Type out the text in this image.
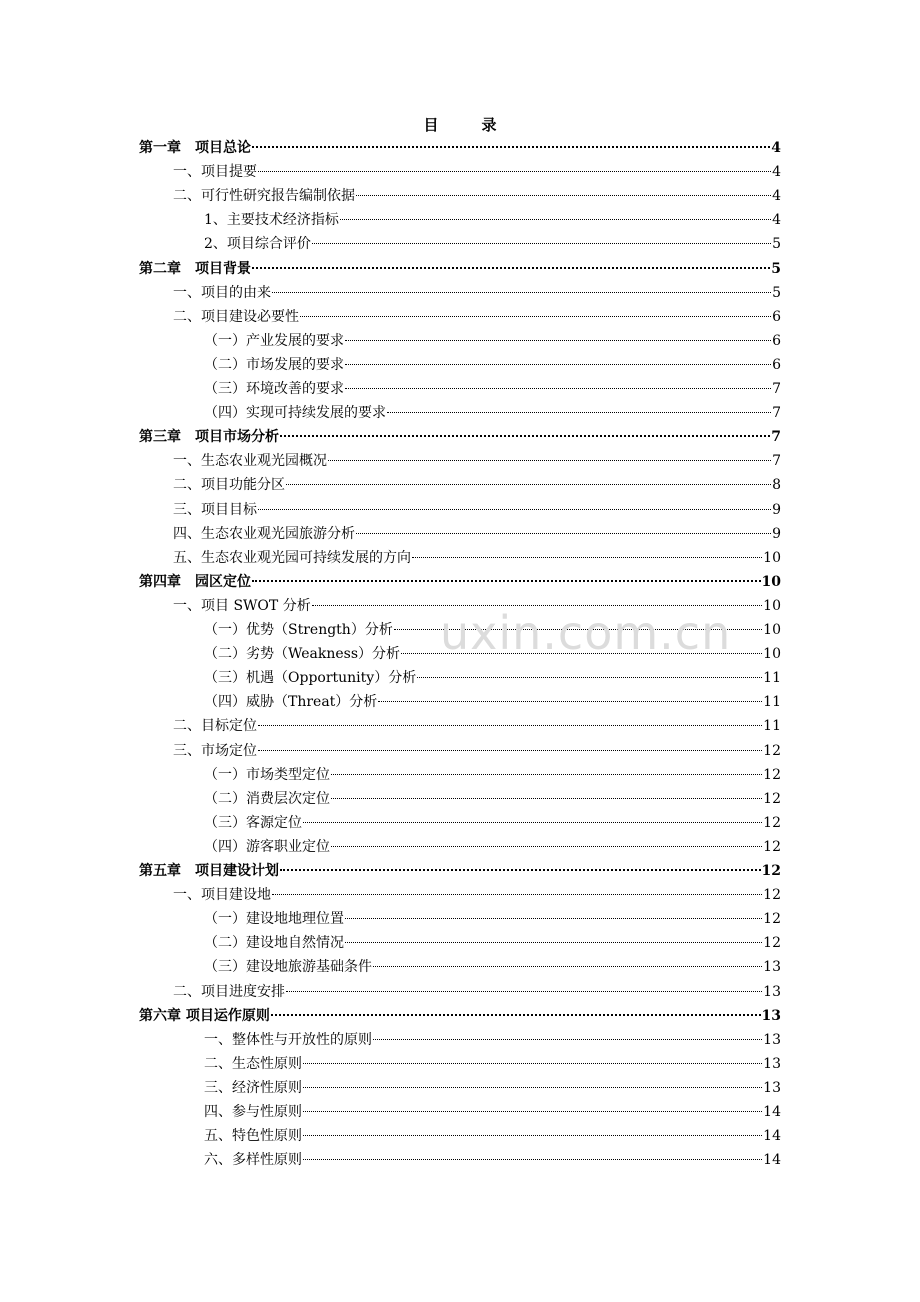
目　录
第一章　项目总论	4
一、项目提要	4
二、可行性研究报告编制依据	4
1、主要技术经济指标	4
2、项目综合评价	5
第二章　项目背景	5
一、项目的由来	5
二、项目建设必要性	6
（一）产业发展的要求	6
（二）市场发展的要求	6
（三）环境改善的要求	7
（四）实现可持续发展的要求	7
第三章　项目市场分析	7
一、生态农业观光园概况	7
二、项目功能分区	8
三、项目目标	9
四、生态农业观光园旅游分析	9
五、生态农业观光园可持续发展的方向	10
第四章　园区定位	10
一、项目 SWOT 分析	10
（一）优势（Strength）分析	10
（二）劣势（Weakness）分析	10
（三）机遇（Opportunity）分析	11
（四）威胁（Threat）分析	11
二、目标定位	11
三、市场定位	12
（一）市场类型定位	12
（二）消费层次定位	12
（三）客源定位	12
（四）游客职业定位	12
第五章　项目建设计划	12
一、项目建设地	12
（一）建设地地理位置	12
（二）建设地自然情况	12
（三）建设地旅游基础条件	13
二、项目进度安排	13
第六章 项目运作原则	13
一、整体性与开放性的原则	13
二、生态性原则	13
三、经济性原则	13
四、参与性原则	14
五、特色性原则	14
六、多样性原则	14
uxin.com.cn
